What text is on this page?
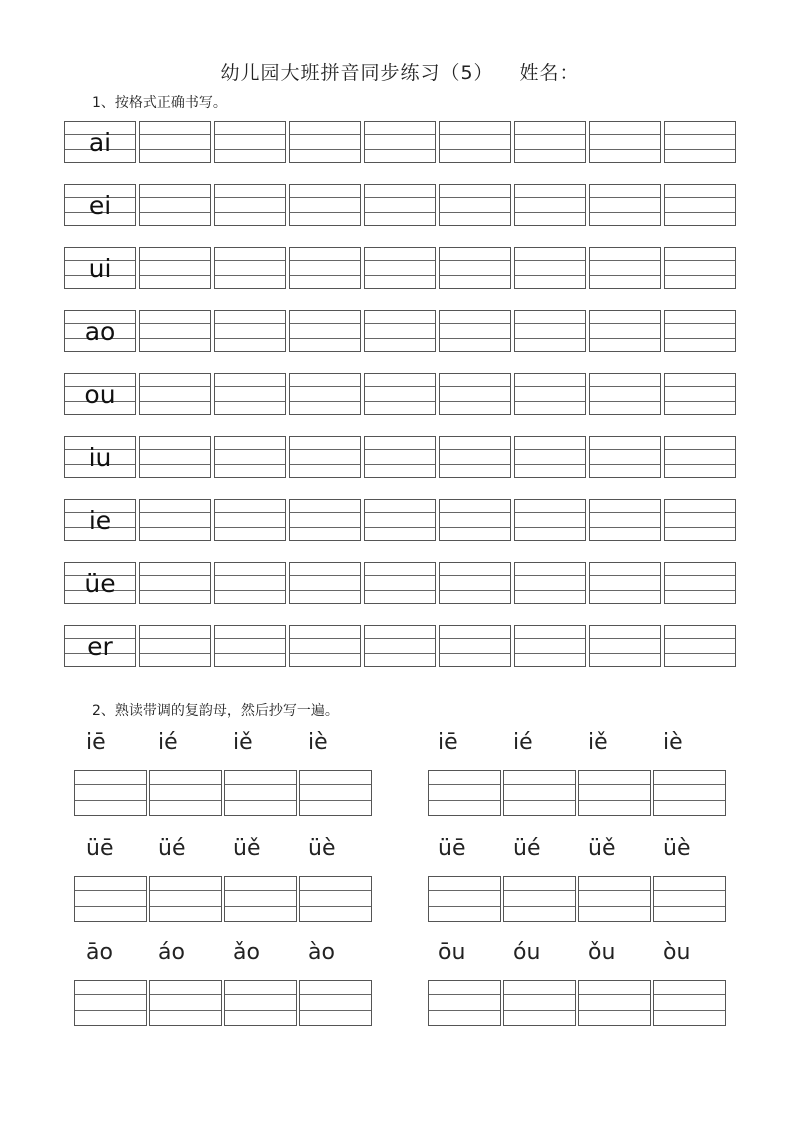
幼儿园大班拼音同步练习（5） 姓名：
1、按格式正确书写。
ai
ei
ui
ao
ou
iu
ie
üe
er
2、熟读带调的复韵母，然后抄写一遍。
iē ié	iě	iè	iē	ié	iě	iè
üē üé üě üè	üē üé üě üè
āo áo ǎo ào	ōu óu ǒu òu
